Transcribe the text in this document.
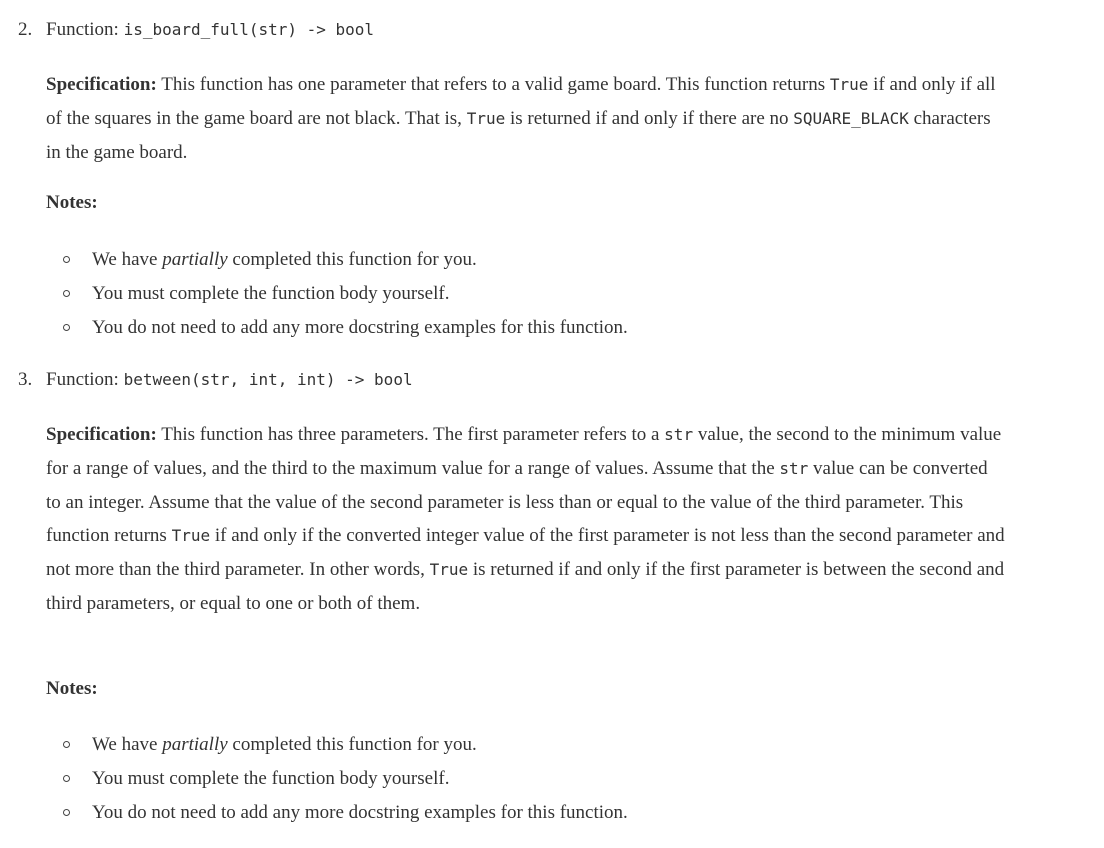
2. Function: is_board_full(str) -> bool
Specification: This function has one parameter that refers to a valid game board. This function returns True if and only if all of the squares in the game board are not black. That is, True is returned if and only if there are no SQUARE_BLACK characters in the game board.
Notes:
We have partially completed this function for you.
You must complete the function body yourself.
You do not need to add any more docstring examples for this function.
3. Function: between(str, int, int) -> bool
Specification: This function has three parameters. The first parameter refers to a str value, the second to the minimum value for a range of values, and the third to the maximum value for a range of values. Assume that the str value can be converted to an integer. Assume that the value of the second parameter is less than or equal to the value of the third parameter. This function returns True if and only if the converted integer value of the first parameter is not less than the second parameter and not more than the third parameter. In other words, True is returned if and only if the first parameter is between the second and third parameters, or equal to one or both of them.
Notes:
We have partially completed this function for you.
You must complete the function body yourself.
You do not need to add any more docstring examples for this function.
